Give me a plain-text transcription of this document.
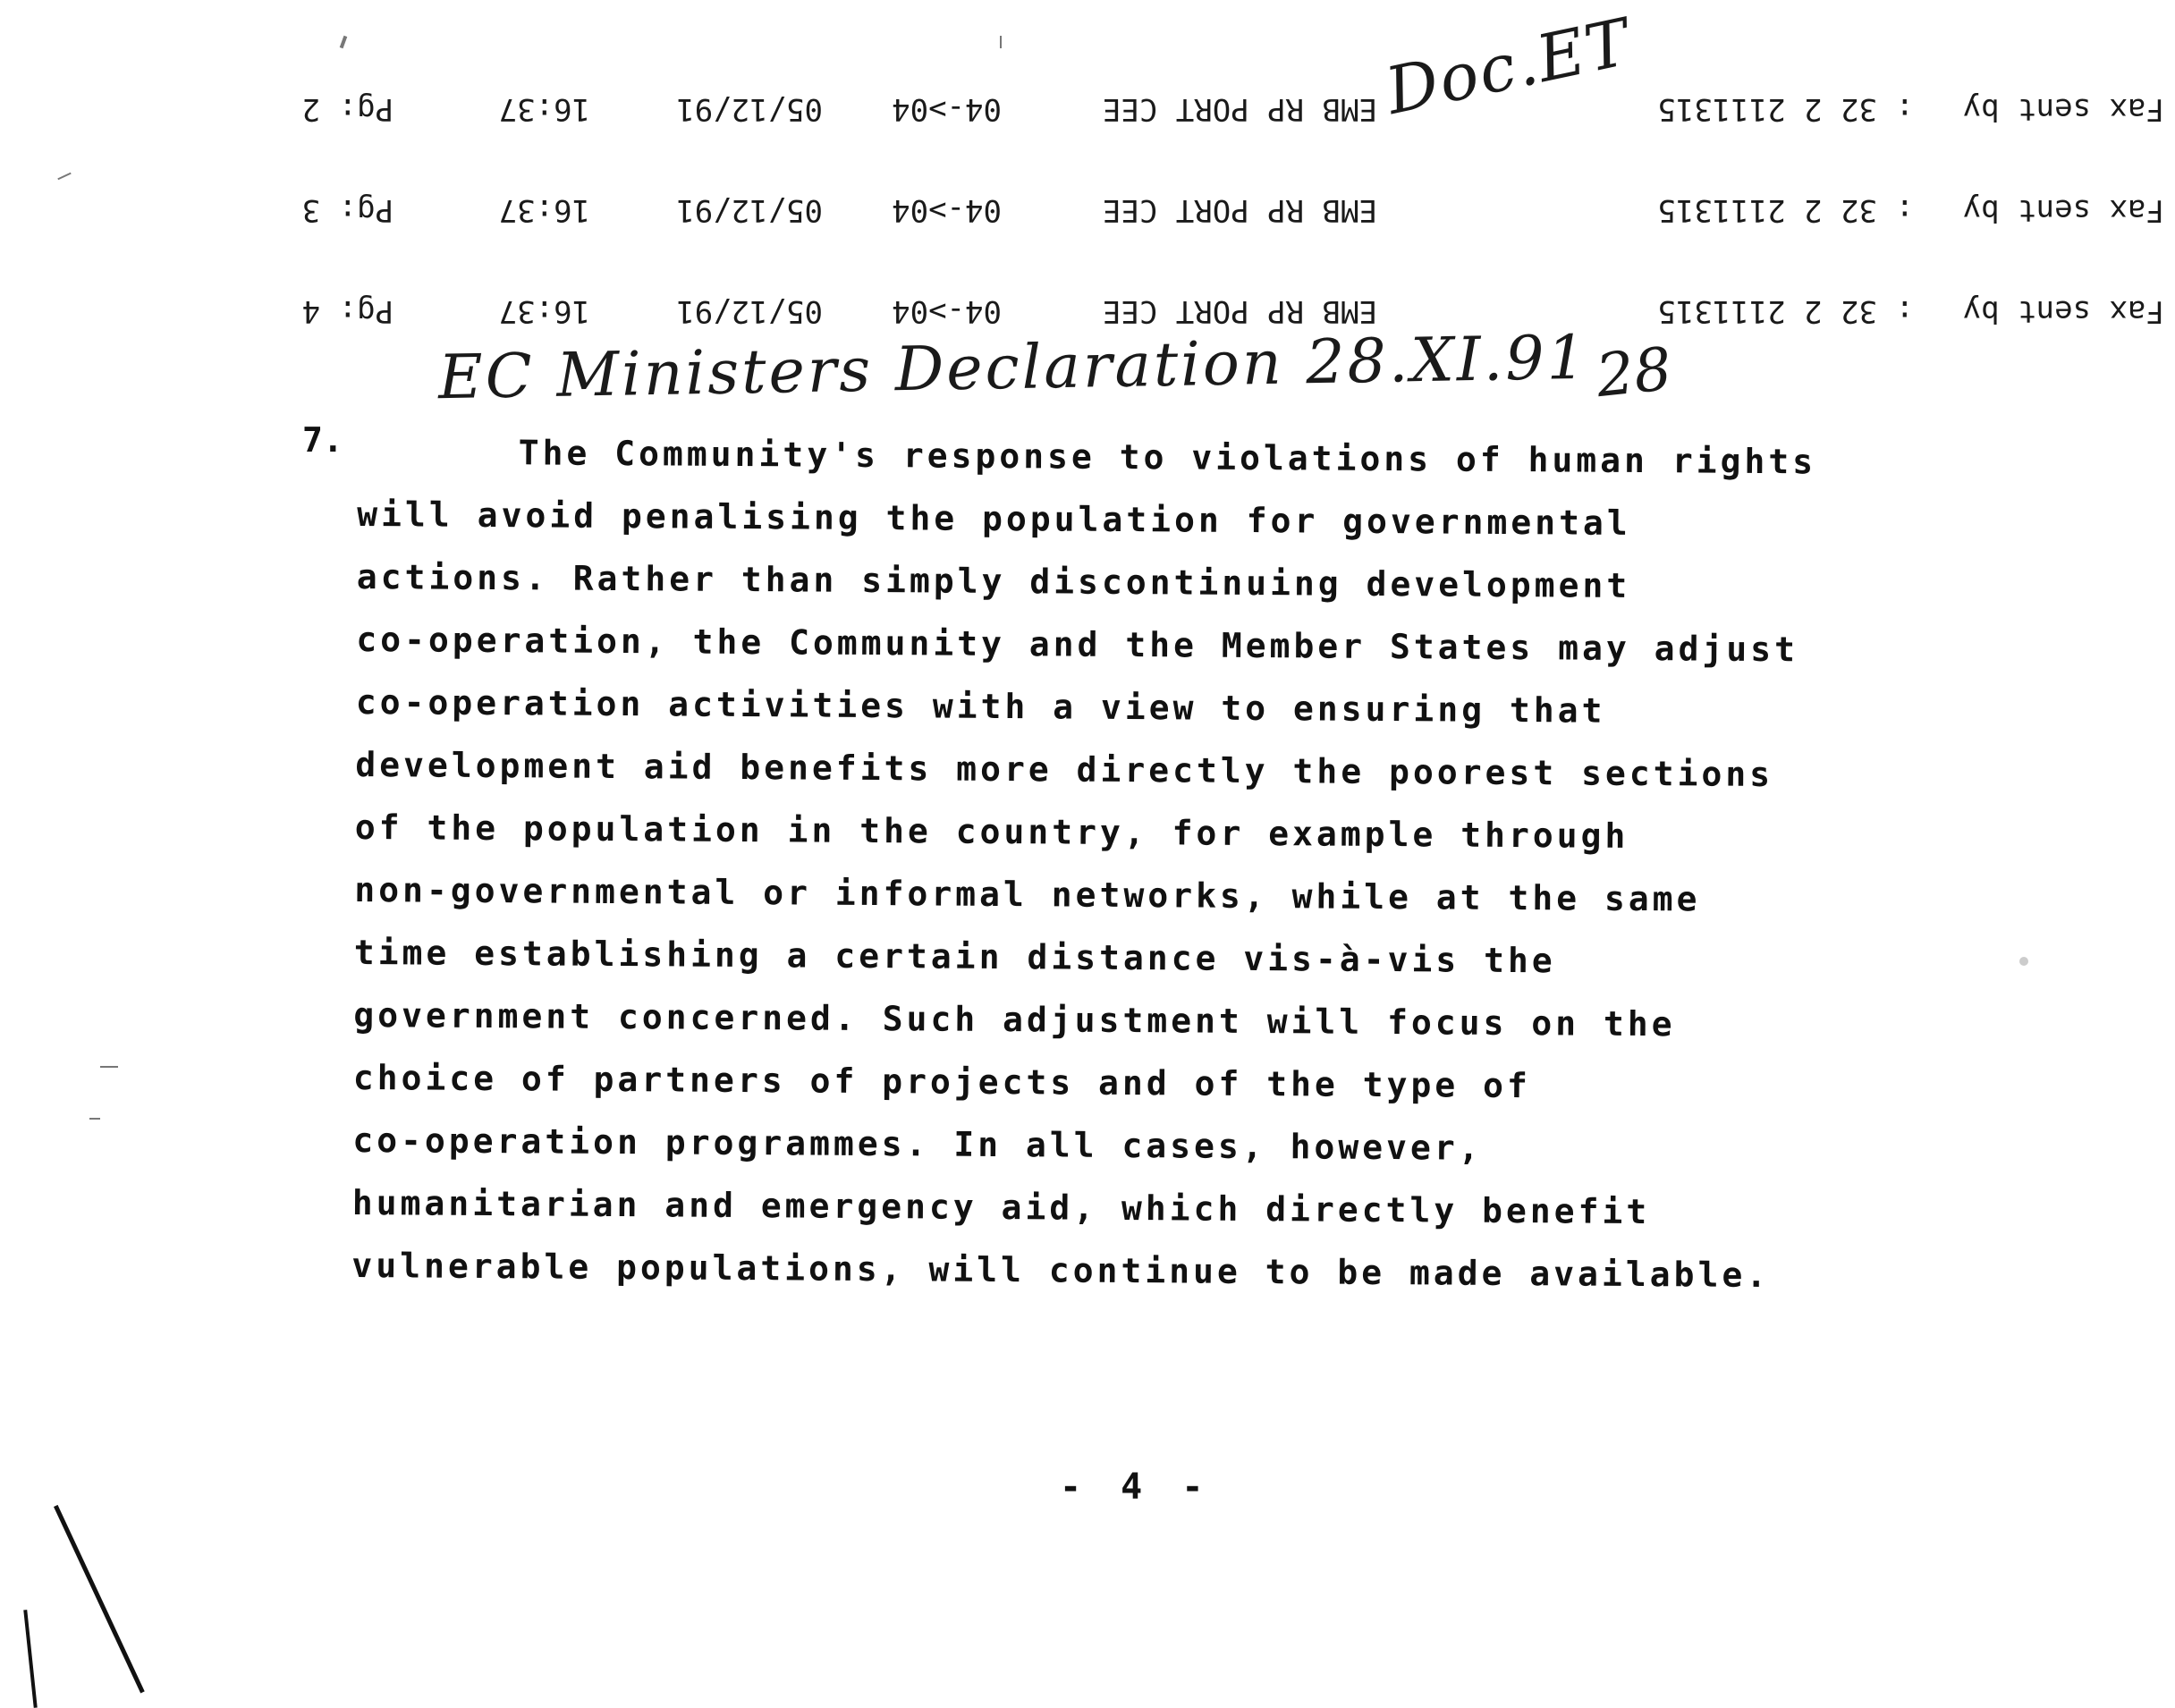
Fax sent by
: 32 2 2111315
EMB RP PORT CEE
04->04
05/12/91
16:37
Pg: 2
Fax sent by
: 32 2 2111315
EMB RP PORT CEE
04->04
05/12/91
16:37
Pg: 3
Fax sent by
: 32 2 2111315
EMB RP PORT CEE
04->04
05/12/91
16:37
Pg: 4
Doc.ET
EC Ministers Declaration 28.XI.91 28
7.	The Community's response to violations of human rights
will avoid penalising the population for governmental
actions. Rather than simply discontinuing development
co-operation, the Community and the Member States may adjust
co-operation activities with a view to ensuring that
development aid benefits more directly the poorest sections
of the population in the country, for example through
non-governmental or informal networks, while at the same
time establishing a certain distance vis-à-vis the
government concerned. Such adjustment will focus on the
choice of partners of projects and of the type of
co-operation programmes. In all cases, however,
humanitarian and emergency aid, which directly benefit
vulnerable populations, will continue to be made available.
- 4 -
